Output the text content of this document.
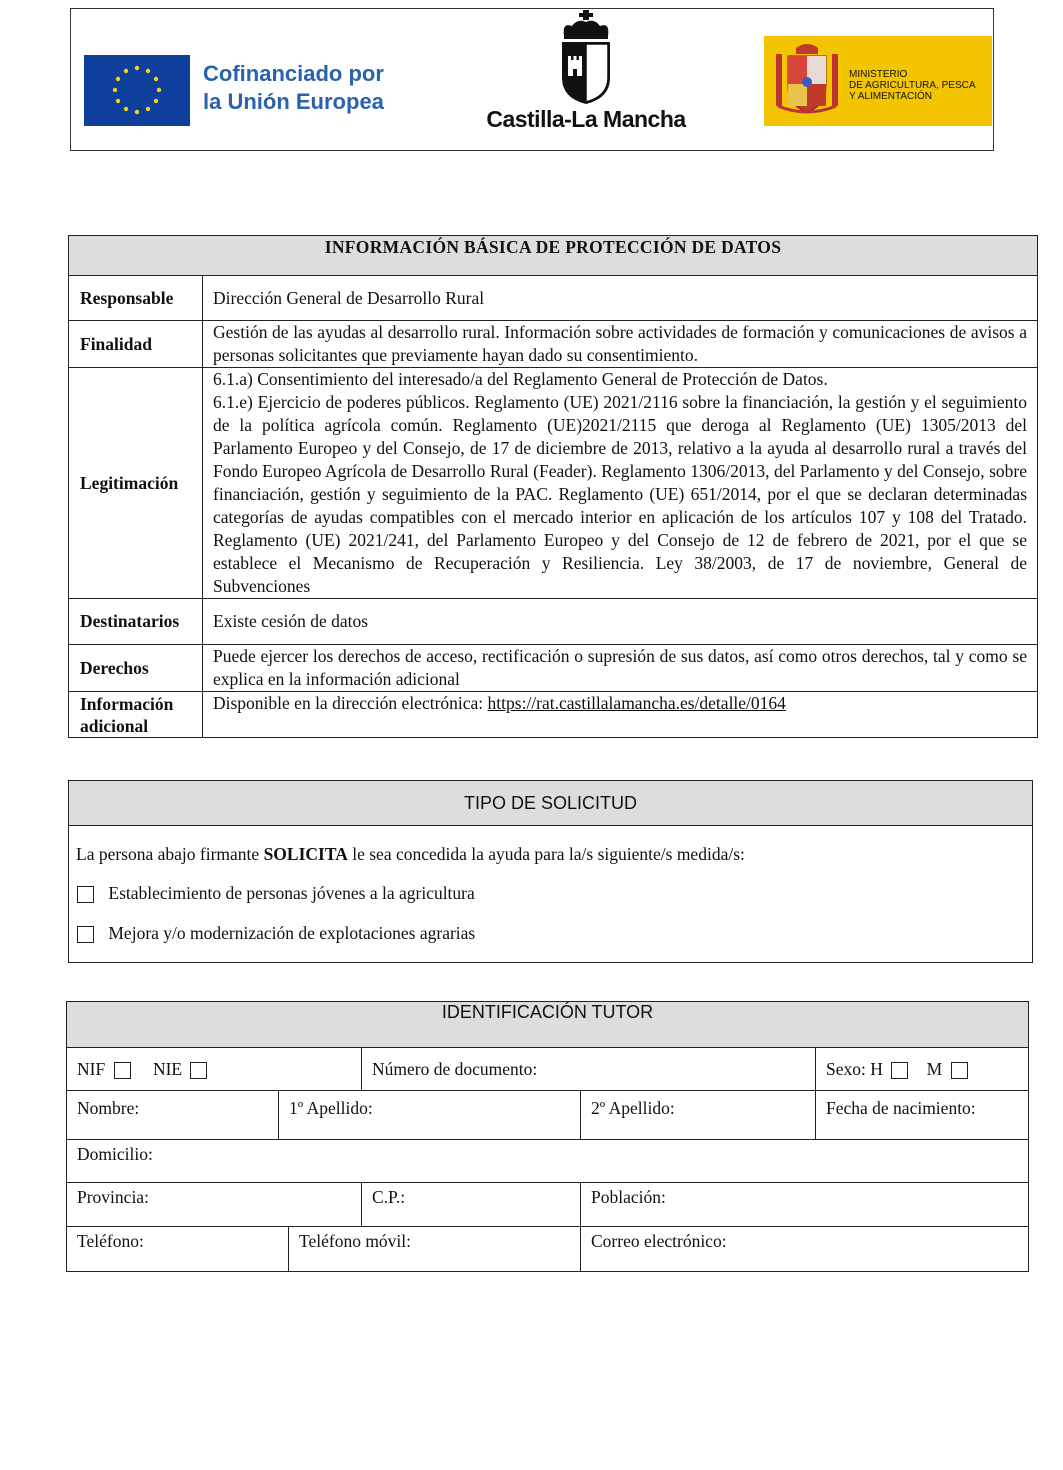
Cofinanciado por
la Unión Europea
Castilla-La Mancha
MINISTERIO
DE AGRICULTURA, PESCA
Y ALIMENTACIÓN
INFORMACIÓN BÁSICA DE PROTECCIÓN DE DATOS	
Responsable	Dirección General de Desarrollo Rural
Finalidad	Gestión de las ayudas al desarrollo rural. Información sobre actividades de formación y comunicaciones de avisos a personas solicitantes que previamente hayan dado su consentimiento.
Legitimación	6.1.a) Consentimiento del interesado/a del Reglamento General de Protección de Datos.
6.1.e) Ejercicio de poderes públicos. Reglamento (UE) 2021/2116 sobre la financiación, la gestión y el seguimiento de la política agrícola común. Reglamento (UE)2021/2115 que deroga al Reglamento (UE) 1305/2013 del Parlamento Europeo y del Consejo, de 17 de diciembre de 2013, relativo a la ayuda al desarrollo rural a través del Fondo Europeo Agrícola de Desarrollo Rural (Feader). Reglamento 1306/2013, del Parlamento y del Consejo, sobre financiación, gestión y seguimiento de la PAC. Reglamento (UE) 651/2014, por el que se declaran determinadas categorías de ayudas compatibles con el mercado interior en aplicación de los artículos 107 y 108 del Tratado. Reglamento (UE) 2021/241, del Parlamento Europeo y del Consejo de 12 de febrero de 2021, por el que se establece el Mecanismo de Recuperación y Resiliencia. Ley 38/2003, de 17 de noviembre, General de Subvenciones

Destinatarios	Existe cesión de datos
Derechos	Puede ejercer los derechos de acceso, rectificación o supresión de sus datos, así como otros derechos, tal y como se explica en la información adicional

Información
adicional	Disponible en la dirección electrónica: https://rat.castillalamancha.es/detalle/0164
TIPO DE SOLICITUD
La persona abajo firmante SOLICITA le sea concedida la ayuda para la/s siguiente/s medida/s:
Establecimiento de personas jóvenes a la agricultura
Mejora y/o modernización de explotaciones agrarias
IDENTIFICACIÓN TUTOR					
NIF NIE			Número de documento:		Sexo: H M
Nombre:	1º Apellido:			2º Apellido:	Fecha de nacimiento:
Domicilio:					
Provincia:			C.P.:	Población:	
Teléfono:		Teléfono móvil:		Correo electrónico:	
